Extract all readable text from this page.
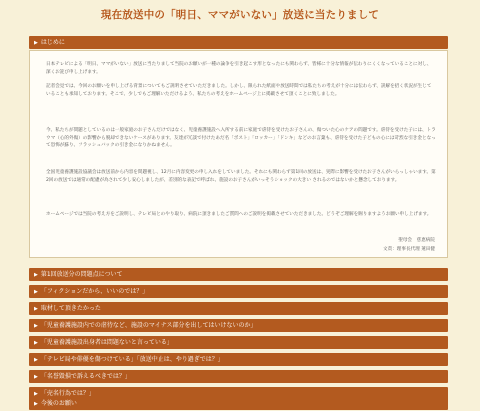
現在放送中の「明日、ママがいない」放送に当たりまして
▶ はじめに

日本テレビによる「明日、ママがいない」放送に当たりまして当院のお願いが一種の論争を引き起こす形となったにも関わらず、皆様に十分な情報が伝わりにくくなっていることに対し、深くお詫び申し上げます。

記者会見では、今回のお願いを申し上げる背景についてもご説明させていただきました。しかし、限られた紙面や放送時間では私たちの考えが十分には伝わらず、誤解を招く状況が生じていることも承知しております。そこで、少しでもご理解いただけるよう、私たちの考えをホームページ上に掲載させて頂くことに致しました。

今、私たちが問題としているのは一般家庭のお子さんだけではなく、児童養護施設へ入所する前に家庭で虐待を受けたお子さんの、傷ついた心のケアの問題です。虐待を受けた子には、トラウマ（心的外傷）の影響から脱却できないケースがあります。友達が冗談で付けたあだ名「ポスト」「ロッカー」「ドンキ」などのお言葉も、虐待を受けた子どもの心には苛烈な引き金となって恐怖が蘇り、フラッシュバックの引き金になりかねません。

全国児童養護施設協議会は放送前から内容を問題視し、12月に内容変更の申し入れをしていました。それにも関わらず第1回の放送は、実際に影響を受けたお子さんがいらっしゃいます。第2回の放送では通常の配慮が為されて少し安心しましたが、差別的な表記で呼ばれ、施設のお子さんがいっそうショックの大きい されるのではないかと懸念しております。

ホームページでは当院の考え方をご説明し、テレビ局とのやり取り、病院に頂きましたご質問へのご説明を掲載させていただきました。どうぞご理解を賜りますようお願い申し上げます。

聖母会　慈恵病院
文責：理事長代理 蓮田健
▶ 第1回放送分の問題点について
▶ 「フィクションだから、いいのでは？」
▶ 取材して頂きたかった
▶ 「児童養護施設内での虐待など、施設のマイナス部分を出してはいけないのか」
▶ 「児童養護施設出身者は問題ないと言っている」
▶ 「テレビ局や俳優を傷つけている」「放送中止は、やり過ぎでは？」
▶ 「名誉毀損で訴えるべきでは？」
▶ 「売名行為では？」
▶ 今後のお願い
